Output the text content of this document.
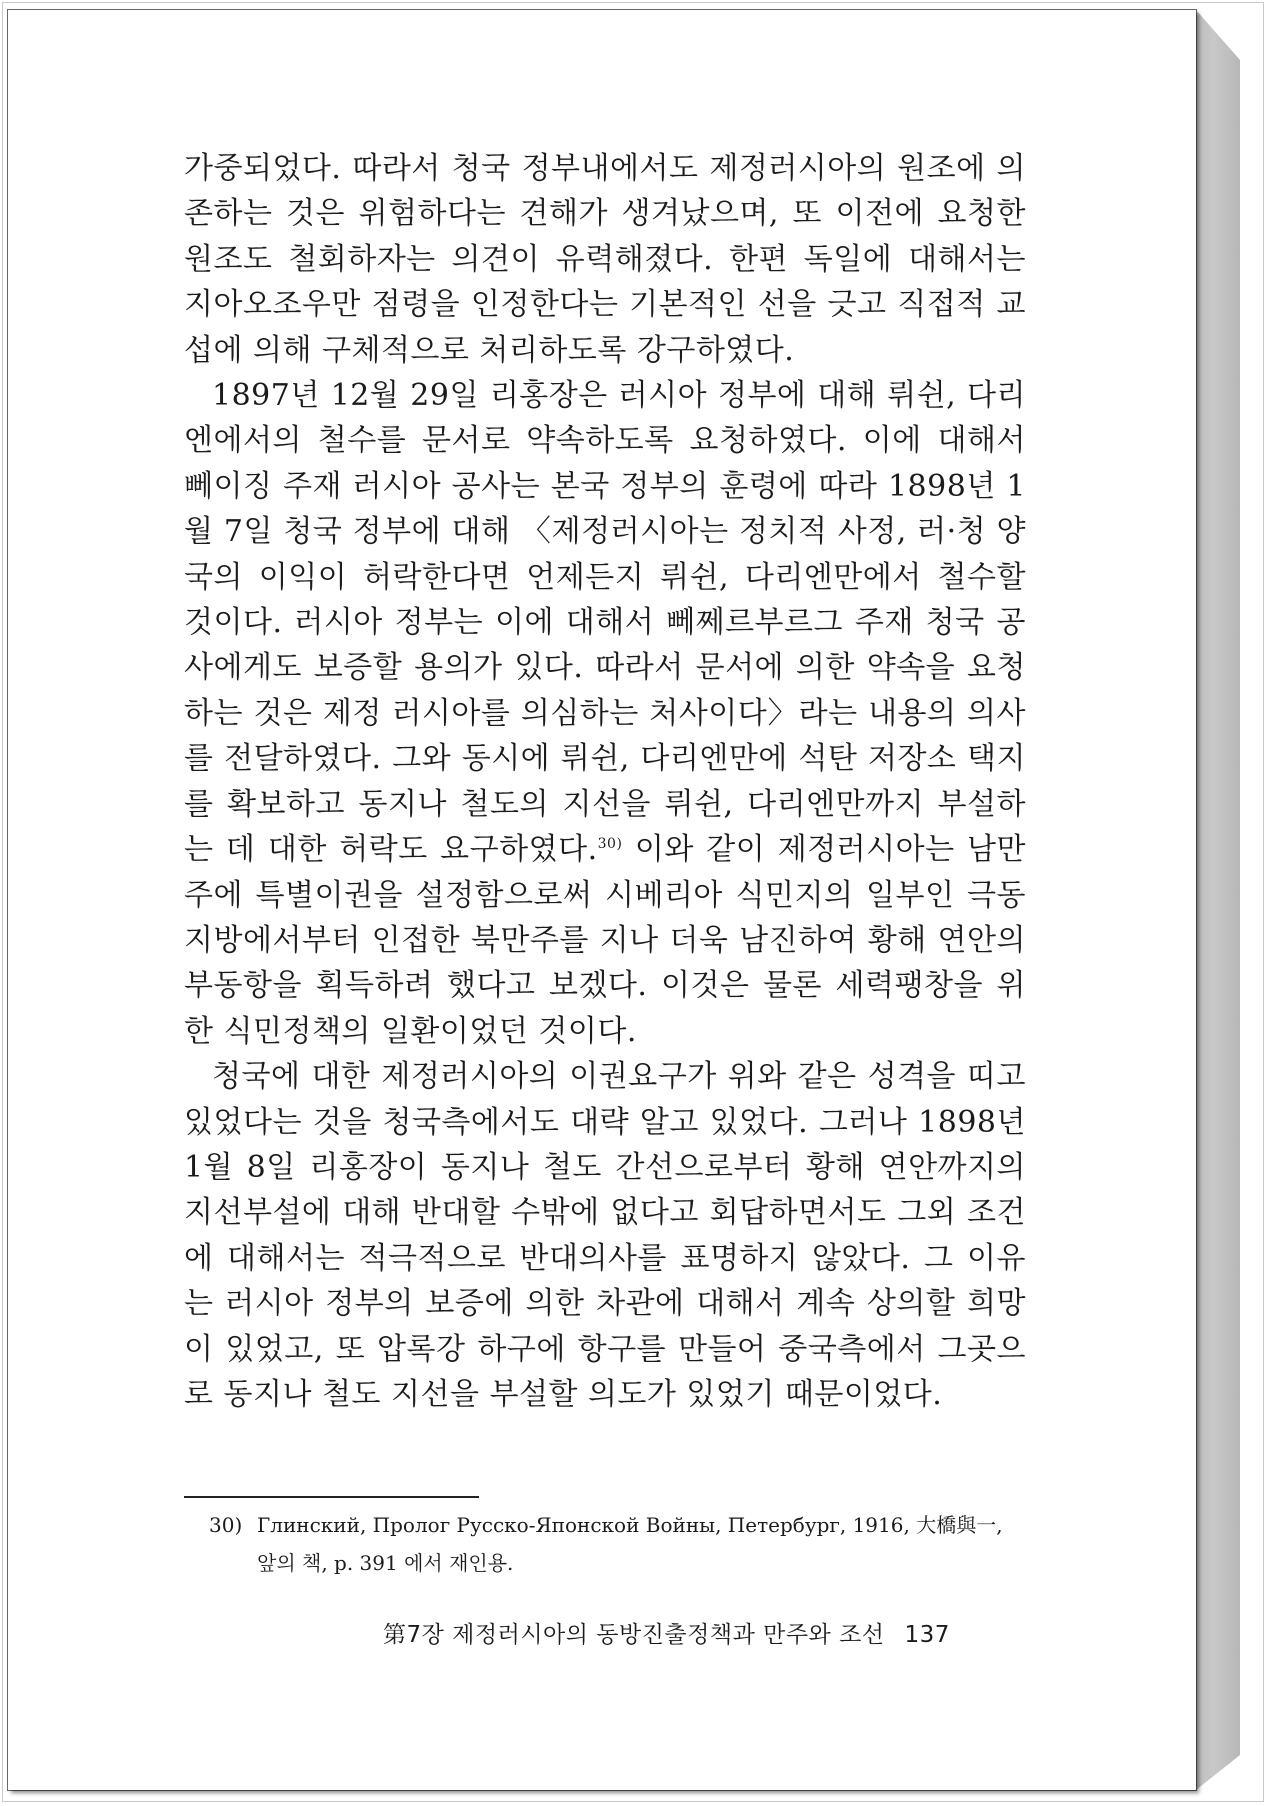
가중되었다. 따라서 청국 정부내에서도 제정러시아의 원조에 의존하는 것은 위험하다는 견해가 생겨났으며, 또 이전에 요청한 원조도 철회하자는 의견이 유력해졌다. 한편 독일에 대해서는 지아오조우만 점령을 인정한다는 기본적인 선을 긋고 직접적 교섭에 의해 구체적으로 처리하도록 강구하였다.

1897년 12월 29일 리홍장은 러시아 정부에 대해 뤼쉰, 다리엔에서의 철수를 문서로 약속하도록 요청하였다. 이에 대해서 뻬이징 주재 러시아 공사는 본국 정부의 훈령에 따라 1898년 1월 7일 청국 정부에 대해 〈제정러시아는 정치적 사정, 러·청 양국의 이익이 허락한다면 언제든지 뤼쉰, 다리엔만에서 철수할 것이다. 러시아 정부는 이에 대해서 뻬쩨르부르그 주재 청국 공사에게도 보증할 용의가 있다. 따라서 문서에 의한 약속을 요청하는 것은 제정 러시아를 의심하는 처사이다〉라는 내용의 의사를 전달하였다. 그와 동시에 뤼쉰, 다리엔만에 석탄 저장소 택지를 확보하고 동지나 철도의 지선을 뤼쉰, 다리엔만까지 부설하는 데 대한 허락도 요구하였다.$^{30)}$ 이와 같이 제정러시아는 남만주에 특별이권을 설정함으로써 시베리아 식민지의 일부인 극동지방에서부터 인접한 북만주를 지나 더욱 남진하여 황해 연안의 부동항을 획득하려 했다고 보겠다. 이것은 물론 세력팽창을 위한 식민정책의 일환이었던 것이다.

청국에 대한 제정러시아의 이권요구가 위와 같은 성격을 띠고 있었다는 것을 청국측에서도 대략 알고 있었다. 그러나 1898년 1월 8일 리홍장이 동지나 철도 간선으로부터 황해 연안까지의 지선부설에 대해 반대할 수밖에 없다고 회답하면서도 그외 조건에 대해서는 적극적으로 반대의사를 표명하지 않았다. 그 이유는 러시아 정부의 보증에 의한 차관에 대해서 계속 상의할 희망이 있었고, 또 압록강 하구에 항구를 만들어 중국측에서 그곳으로 동지나 철도 지선을 부설할 의도가 있었기 때문이었다.

30) Глинский, Пролог Русско-Японской Войны, Петербург, 1916, 大橋與一,
앞의 책, p. 391 에서 재인용.
第7장 제정러시아의 동방진출정책과 만주와 조선 137
